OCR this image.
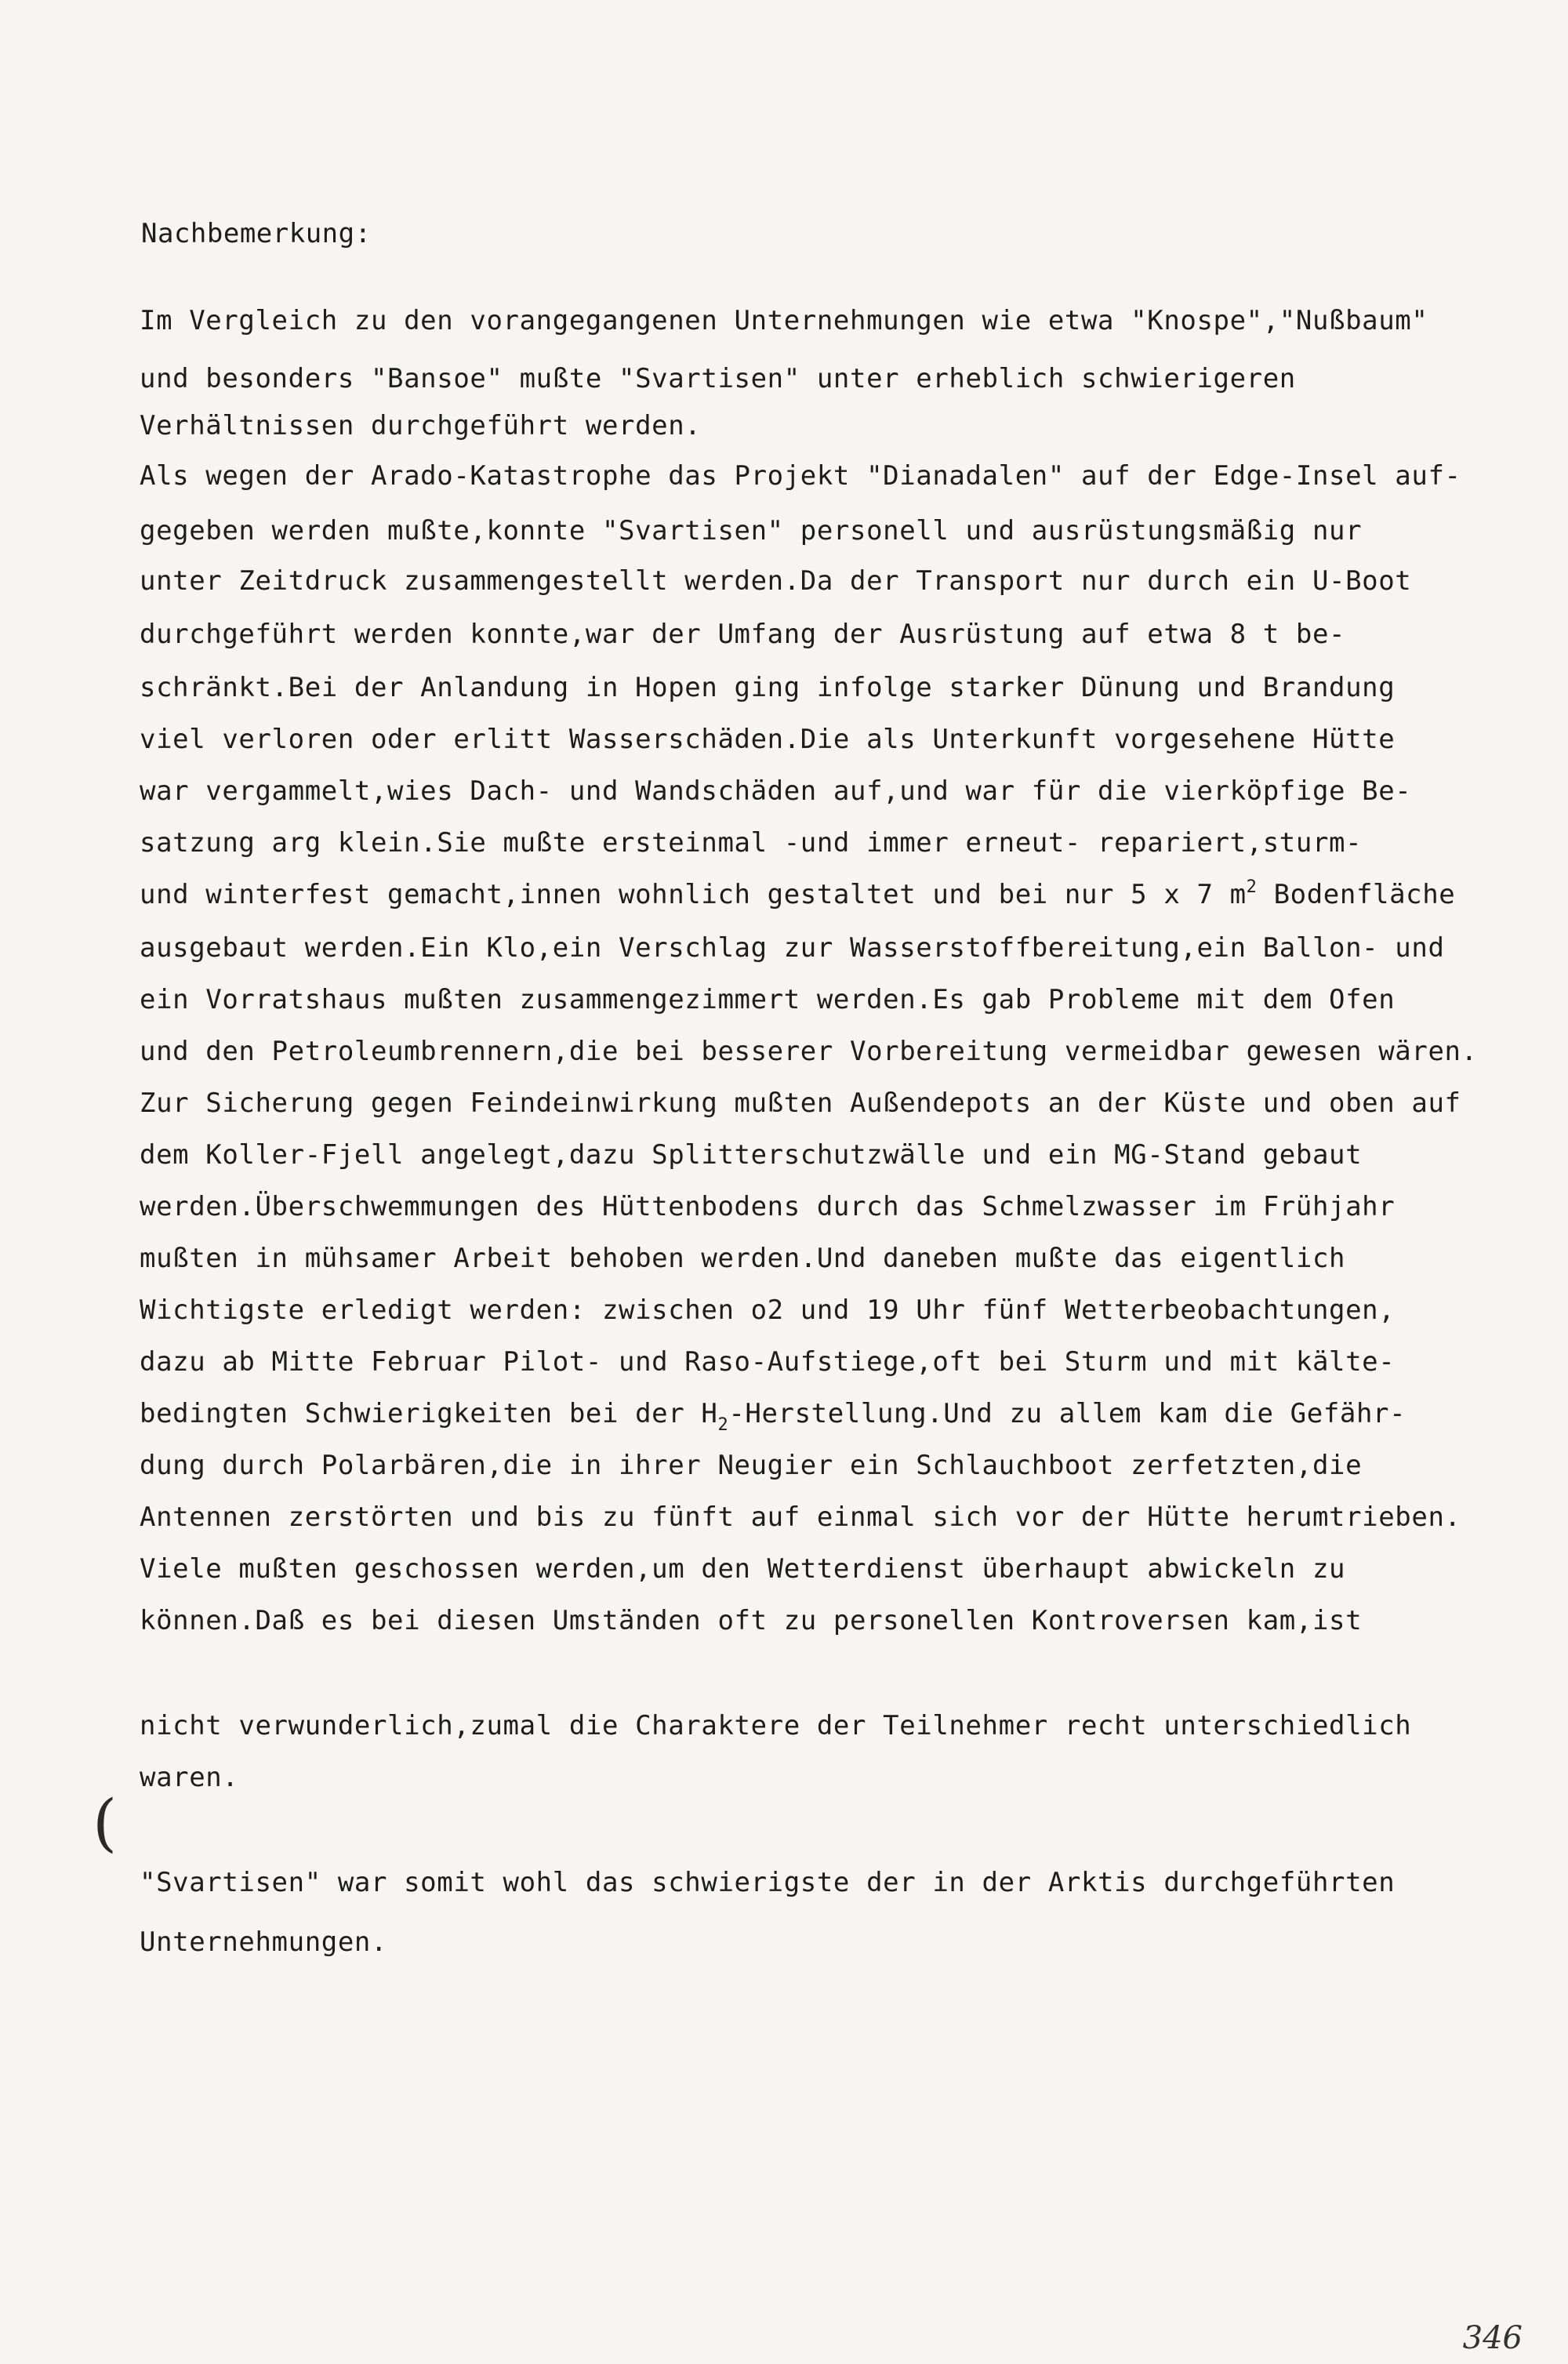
Nachbemerkung:
Im Vergleich zu den vorangegangenen Unternehmungen wie etwa "Knospe","Nußbaum"
und besonders "Bansoe" mußte "Svartisen" unter erheblich schwierigeren
Verhältnissen durchgeführt werden.
Als wegen der Arado-Katastrophe das Projekt "Dianadalen" auf der Edge-Insel auf-
gegeben werden mußte,konnte "Svartisen" personell und ausrüstungsmäßig nur
unter Zeitdruck zusammengestellt werden.Da der Transport nur durch ein U-Boot
durchgeführt werden konnte,war der Umfang der Ausrüstung auf etwa 8 t be-
schränkt.Bei der Anlandung in Hopen ging infolge starker Dünung und Brandung
viel verloren oder erlitt Wasserschäden.Die als Unterkunft vorgesehene Hütte
war vergammelt,wies Dach- und Wandschäden auf,und war für die vierköpfige Be-
satzung arg klein.Sie mußte ersteinmal -und immer erneut- repariert,sturm-
und winterfest gemacht,innen wohnlich gestaltet und bei nur 5 x 7 $m^2$ Bodenfläche
ausgebaut werden.Ein Klo,ein Verschlag zur Wasserstoffbereitung,ein Ballon- und
ein Vorratshaus mußten zusammengezimmert werden.Es gab Probleme mit dem Ofen
und den Petroleumbrennern,die bei besserer Vorbereitung vermeidbar gewesen wären.
Zur Sicherung gegen Feindeinwirkung mußten Außendepots an der Küste und oben auf
dem Koller-Fjell angelegt,dazu Splitterschutzwälle und ein MG-Stand gebaut
werden.Überschwemmungen des Hüttenbodens durch das Schmelzwasser im Frühjahr
mußten in mühsamer Arbeit behoben werden.Und daneben mußte das eigentlich
Wichtigste erledigt werden: zwischen o2 und 19 Uhr fünf Wetterbeobachtungen,
dazu ab Mitte Februar Pilot- und Raso-Aufstiege,oft bei Sturm und mit kälte-
bedingten Schwierigkeiten bei der $H_2-Herstellung.Und$ zu allem kam die Gefähr-
dung durch Polarbären,die in ihrer Neugier ein Schlauchboot zerfetzten,die
Antennen zerstörten und bis zu fünft auf einmal sich vor der Hütte herumtrieben.
Viele mußten geschossen werden,um den Wetterdienst überhaupt abwickeln zu
können.Daß es bei diesen Umständen oft zu personellen Kontroversen kam,ist
nicht verwunderlich,zumal die Charaktere der Teilnehmer recht unterschiedlich
waren.
(
"Svartisen" war somit wohl das schwierigste der in der Arktis durchgeführten
Unternehmungen.
346
